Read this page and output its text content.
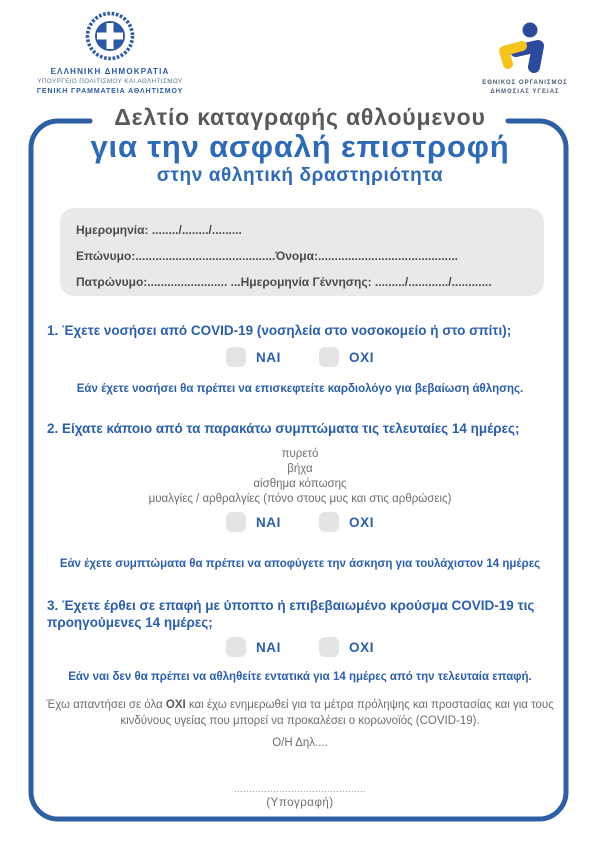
ΕΛΛΗΝΙΚΗ ΔΗΜΟΚΡΑΤΙΑ
ΥΠΟΥΡΓΕΙΟ ΠΟΛΙΤΙΣΜΟΥ ΚΑΙ ΑΘΛΗΤΙΣΜΟΥ
ΓΕΝΙΚΗ ΓΡΑΜΜΑΤΕΙΑ ΑΘΛΗΤΙΣΜΟΥ
ΕΘΝΙΚΟΣ ΟΡΓΑΝΙΣΜΟΣ
ΔΗΜΟΣΙΑΣ ΥΓΕΙΑΣ
Δελτίο καταγραφής αθλούμενου
για την ασφαλή επιστροφή
στην αθλητική δραστηριότητα
Ημερομηνία: ......../......../.........
Επώνυμο:..........................................Όνομα:..........................................
Πατρώνυμο:........................ ...Ημερομηνία Γέννησης: ........./............/............
1. Έχετε νοσήσει από COVID-19 (νοσηλεία στο νοσοκομείο ή στο σπίτι);
ΝΑΙ	ΟΧΙ
Εάν έχετε νοσήσει θα πρέπει να επισκεφτείτε καρδιολόγο για βεβαίωση άθλησης.
2. Είχατε κάποιο από τα παρακάτω συμπτώματα τις τελευταίες 14 ημέρες;
πυρετό
βήχα
αίσθημα κόπωσης
μυαλγίες / αρθραλγίες (πόνο στους μυς και στις αρθρώσεις)
ΝΑΙ	ΟΧΙ
Εάν έχετε συμπτώματα θα πρέπει να αποφύγετε την άσκηση για τουλάχιστον 14 ημέρες
3. Έχετε έρθει σε επαφή με ύποπτο ή επιβεβαιωμένο κρούσμα COVID-19 τις προηγούμενες 14 ημέρες;
ΝΑΙ	ΟΧΙ
Εάν ναι δεν θα πρέπει να αθληθείτε εντατικά για 14 ημέρες από την τελευταία επαφή.
Έχω απαντήσει σε όλα ΟΧΙ και έχω ενημερωθεί για τα μέτρα πρόληψης και προστασίας και για τους κινδύνους υγείας που μπορεί να προκαλέσει ο κορωνοϊός (COVID-19).
Ο/Η Δηλ....
............................................
(Υπογραφή)
